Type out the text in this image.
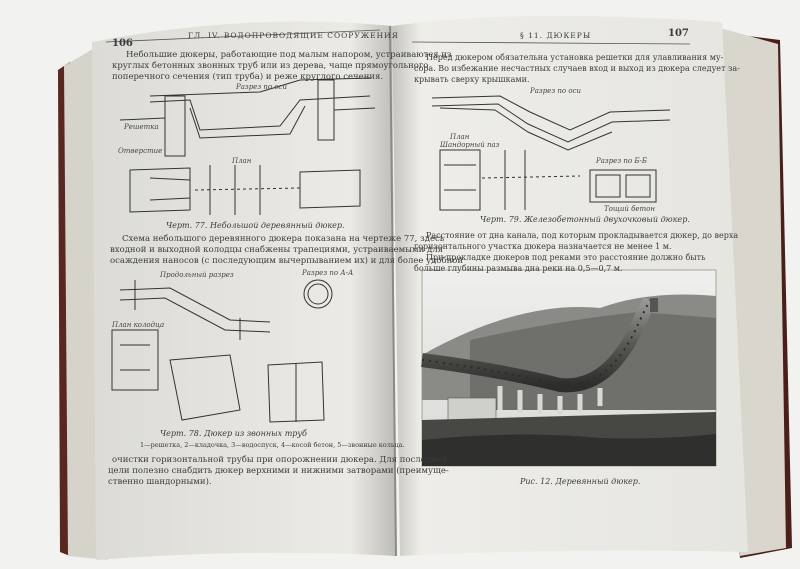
106
ГЛ. IV. ВОДОПРОВОДЯЩИЕ СООРУЖЕНИЯ
Небольшие дюкеры, работающие под малым напором, устраиваются из
круглых бетонных звонных труб или из дерева, чаще прямоугольного
поперечного сечения (тип труба) и реже круглого сечения.
Разрез по оси
Решетка
Отверстие
План
Черт. 77. Небольшой деревянный дюкер.
Схема небольшого деревянного дюкера показана на чертеже 77, здесь
входной и выходной колодцы снабжены трапециями, устраиваемыми для
осаждения наносов (с последующим вычерпыванием их) и для более удобной
Продольный разрез	Разрез по А-А
План колодца
Черт. 78. Дюкер из звонных труб
1—решетка, 2—кладочка, 3—водоспуск, 4—косой бетон, 5—звонные кольца.
очистки горизонтальной трубы при опорожнении дюкера. Для последней
цели полезно снабдить дюкер верхними и нижними затворами (преимуще-
ственно шандорными).
§ 11. ДЮКЕРЫ	107
Перед дюкером обязательна установка решетки для улавливания му-
сора. Во избежание несчастных случаев вход и выход из дюкера следует за-
крывать сверху крышками.
Разрез по оси
План
Шандорный паз
Разрез по Б-Б
Тощий бетон
Черт. 79. Железобетонный двухочковый дюкер.
Расстояние от дна канала, под которым прокладывается дюкер, до верха
горизонтального участка дюкера назначается не менее 1 м.
При прокладке дюкеров под реками это расстояние должно быть
больше глубины размыва дна реки на 0,5—0,7 м.
Рис. 12. Деревянный дюкер.
